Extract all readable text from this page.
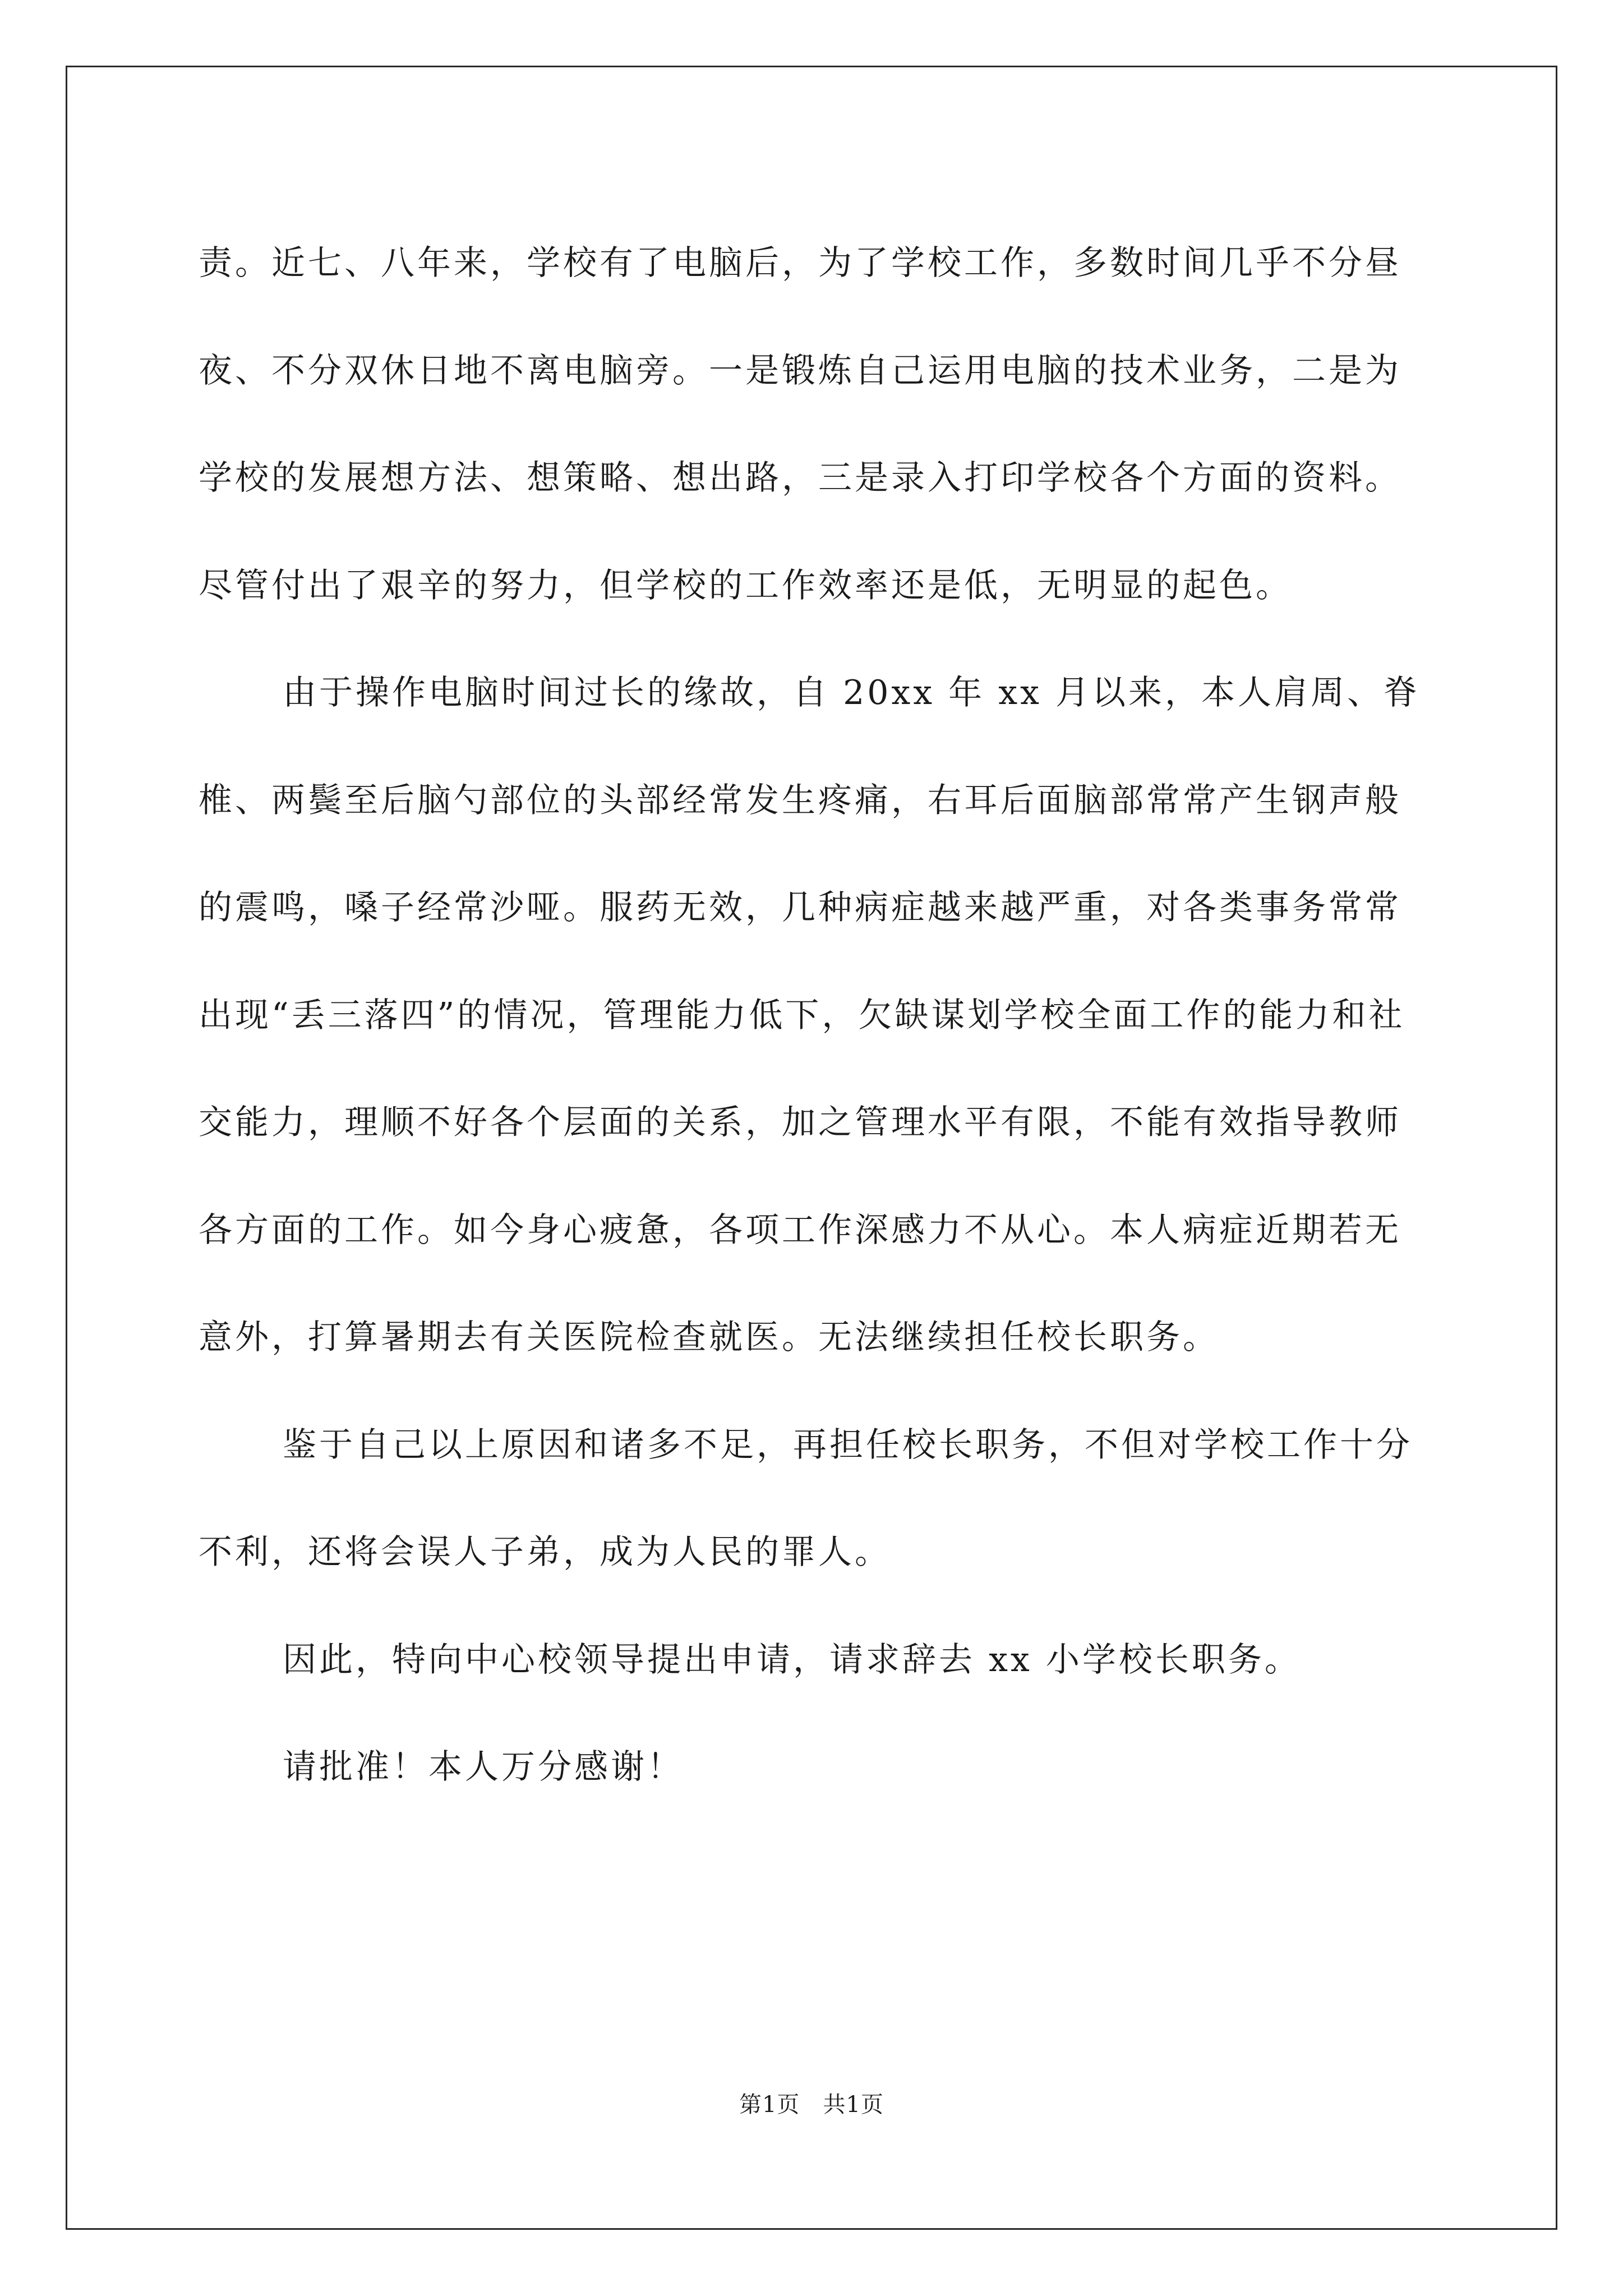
责。近七、八年来，学校有了电脑后，为了学校工作，多数时间几乎不分昼夜、不分双休日地不离电脑旁。一是锻炼自己运用电脑的技术业务，二是为学校的发展想方法、想策略、想出路，三是录入打印学校各个方面的资料。尽管付出了艰辛的努力，但学校的工作效率还是低，无明显的起色。

由于操作电脑时间过长的缘故，自 20xx 年 xx 月以来，本人肩周、脊椎、两鬓至后脑勺部位的头部经常发生疼痛，右耳后面脑部常常产生钢声般的震鸣，嗓子经常沙哑。服药无效，几种病症越来越严重，对各类事务常常出现“丢三落四”的情况，管理能力低下，欠缺谋划学校全面工作的能力和社交能力，理顺不好各个层面的关系，加之管理水平有限，不能有效指导教师各方面的工作。如今身心疲惫，各项工作深感力不从心。本人病症近期若无意外，打算暑期去有关医院检查就医。无法继续担任校长职务。

鉴于自己以上原因和诸多不足，再担任校长职务，不但对学校工作十分不利，还将会误人子弟，成为人民的罪人。

因此，特向中心校领导提出申请，请求辞去 xx 小学校长职务。

请批准！本人万分感谢！

第1页   共1页
